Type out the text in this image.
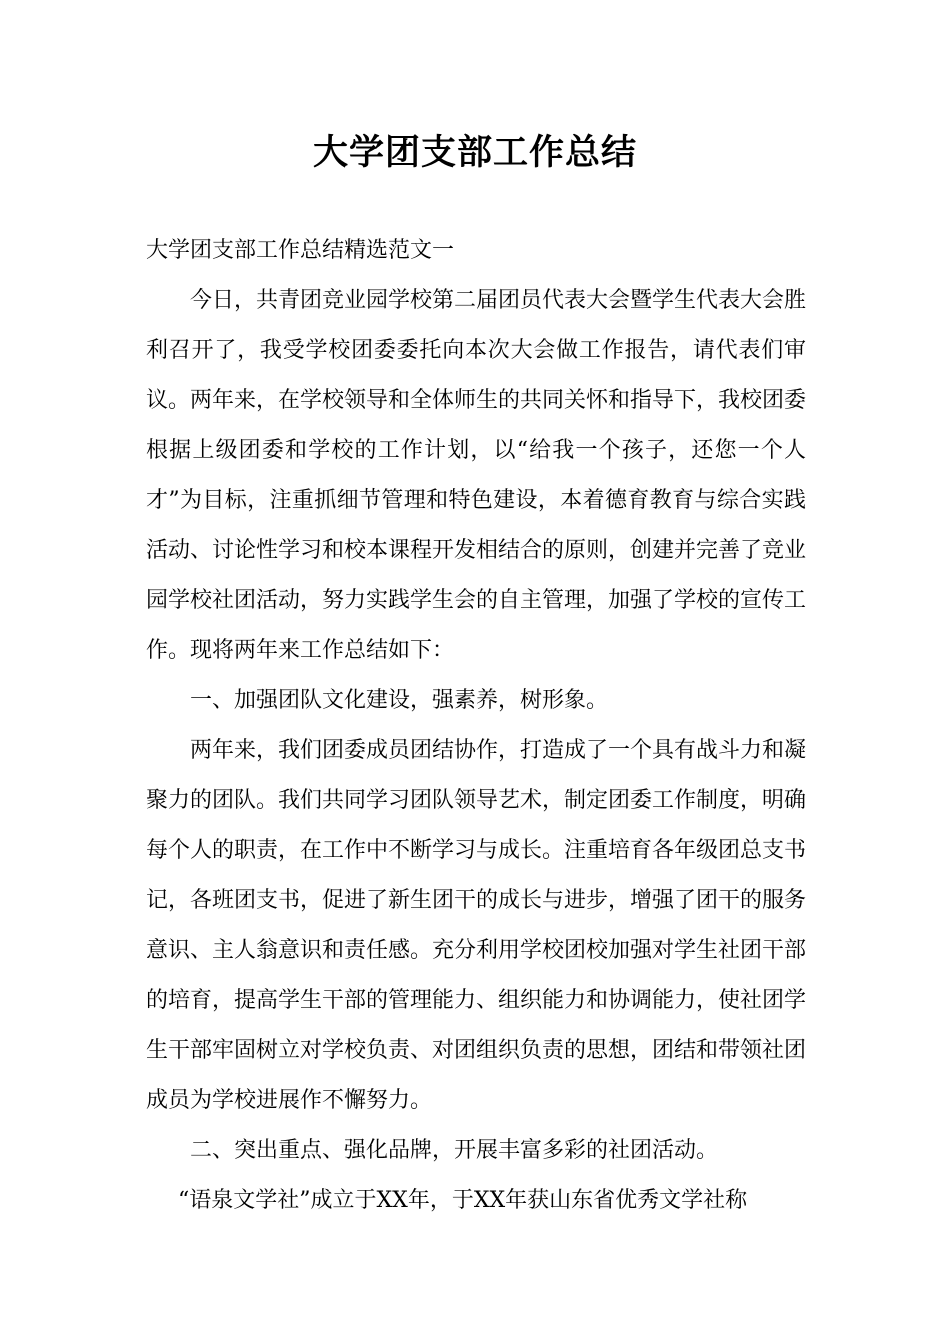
大学团支部工作总结

大学团支部工作总结精选范文一

今日，共青团竞业园学校第二届团员代表大会暨学生代表大会胜利召开了，我受学校团委委托向本次大会做工作报告，请代表们审议。两年来，在学校领导和全体师生的共同关怀和指导下，我校团委根据上级团委和学校的工作计划，以“给我一个孩子，还您一个人才”为目标，注重抓细节管理和特色建设，本着德育教育与综合实践活动、讨论性学习和校本课程开发相结合的原则，创建并完善了竞业园学校社团活动，努力实践学生会的自主管理，加强了学校的宣传工作。现将两年来工作总结如下：

一、加强团队文化建设，强素养，树形象。

两年来，我们团委成员团结协作，打造成了一个具有战斗力和凝聚力的团队。我们共同学习团队领导艺术，制定团委工作制度，明确每个人的职责，在工作中不断学习与成长。注重培育各年级团总支书记，各班团支书，促进了新生团干的成长与进步，增强了团干的服务意识、主人翁意识和责任感。充分利用学校团校加强对学生社团干部的培育，提高学生干部的管理能力、组织能力和协调能力，使社团学生干部牢固树立对学校负责、对团组织负责的思想，团结和带领社团成员为学校进展作不懈努力。

二、突出重点、强化品牌，开展丰富多彩的社团活动。

“语泉文学社”成立于XX年，于XX年获山东省优秀文学社称
